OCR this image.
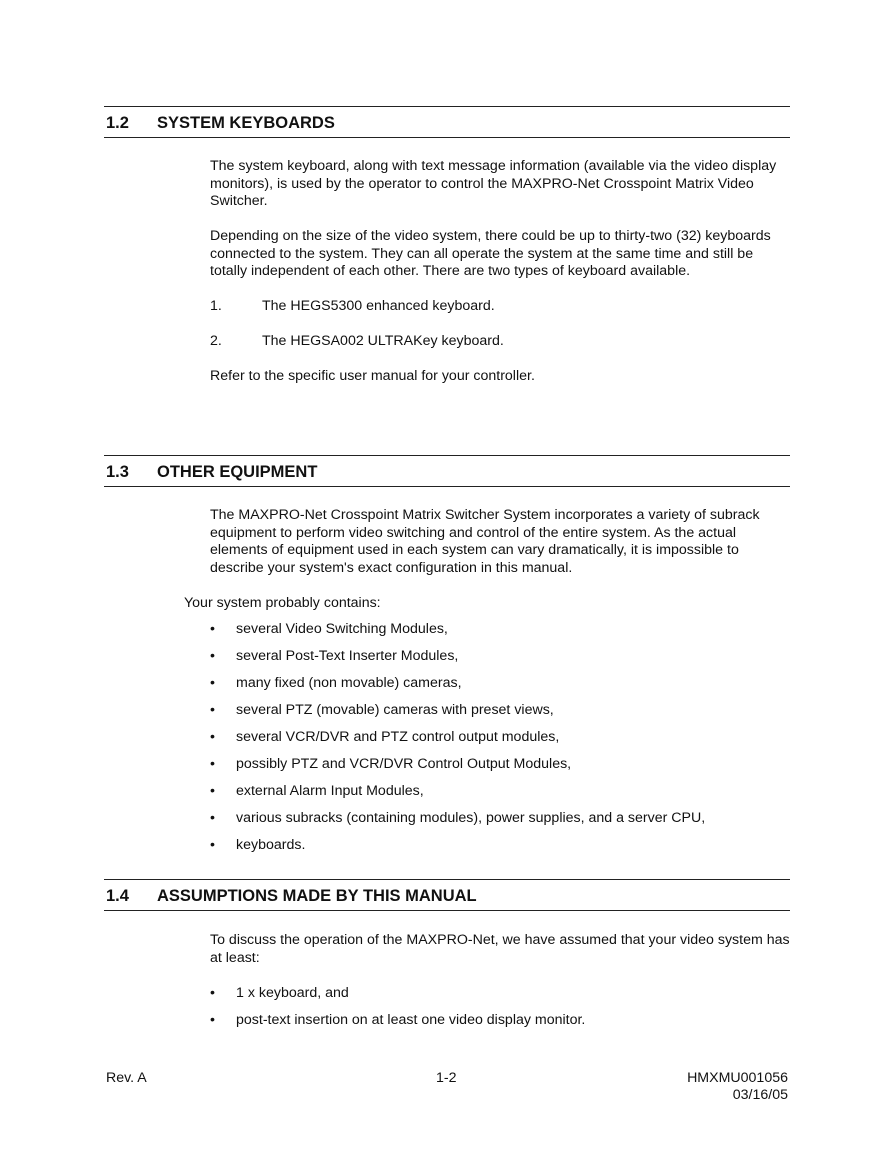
1.2 SYSTEM KEYBOARDS

The system keyboard, along with text message information (available via the video display monitors), is used by the operator to control the MAXPRO-Net Crosspoint Matrix Video Switcher.

Depending on the size of the video system, there could be up to thirty-two (32) keyboards connected to the system. They can all operate the system at the same time and still be totally independent of each other. There are two types of keyboard available.

1.	The HEGS5300 enhanced keyboard.
2.	The HEGSA002 ULTRAKey keyboard.

Refer to the specific user manual for your controller.

1.3 OTHER EQUIPMENT

The MAXPRO-Net Crosspoint Matrix Switcher System incorporates a variety of subrack equipment to perform video switching and control of the entire system. As the actual elements of equipment used in each system can vary dramatically, it is impossible to describe your system's exact configuration in this manual.

Your system probably contains:

• several Video Switching Modules,
• several Post-Text Inserter Modules,
• many fixed (non movable) cameras,
• several PTZ (movable) cameras with preset views,
• several VCR/DVR and PTZ control output modules,
• possibly PTZ and VCR/DVR Control Output Modules,
• external Alarm Input Modules,
• various subracks (containing modules), power supplies, and a server CPU,
• keyboards.
1.4 ASSUMPTIONS MADE BY THIS MANUAL

To discuss the operation of the MAXPRO-Net, we have assumed that your video system has at least:

• 1 x keyboard, and
• post-text insertion on at least one video display monitor.
Rev. A	1-2	HMXMU001056
03/16/05
